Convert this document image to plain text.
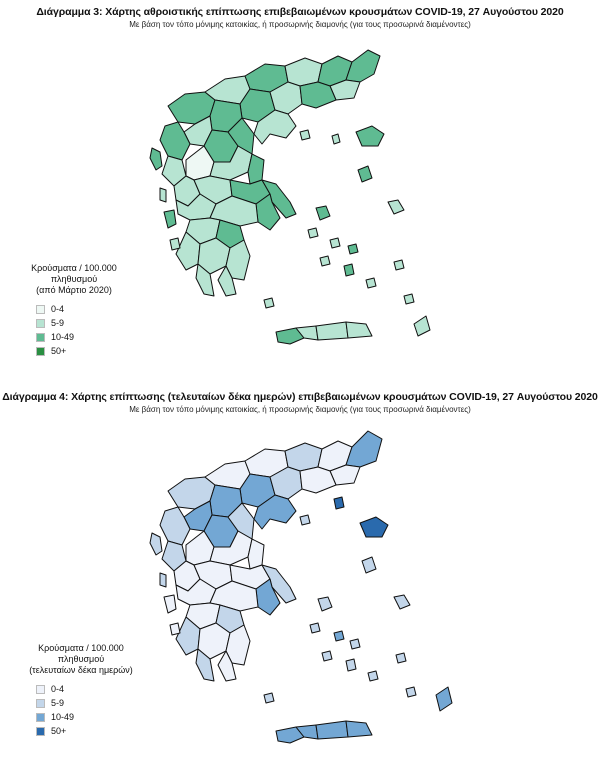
Διάγραμμα 3: Χάρτης αθροιστικής επίπτωσης επιβεβαιωμένων κρουσμάτων COVID-19, 27 Αυγούστου 2020
Με βάση τον τόπο μόνιμης κατοικίας, ή προσωρινής διαμονής (για τους προσωρινά διαμένοντες)
Κρούσματα / 100.000 πληθυσμού
(από Μάρτιο 2020)
0-4
5-9
10-49
50+
Διάγραμμα 4: Χάρτης επίπτωσης (τελευταίων δέκα ημερών) επιβεβαιωμένων κρουσμάτων COVID-19, 27 Αυγούστου 2020
Με βάση τον τόπο μόνιμης κατοικίας, ή προσωρινής διαμονής (για τους προσωρινά διαμένοντες)
Κρούσματα / 100.000 πληθυσμού
(τελευταίων δέκα ημερών)
0-4
5-9
10-49
50+
